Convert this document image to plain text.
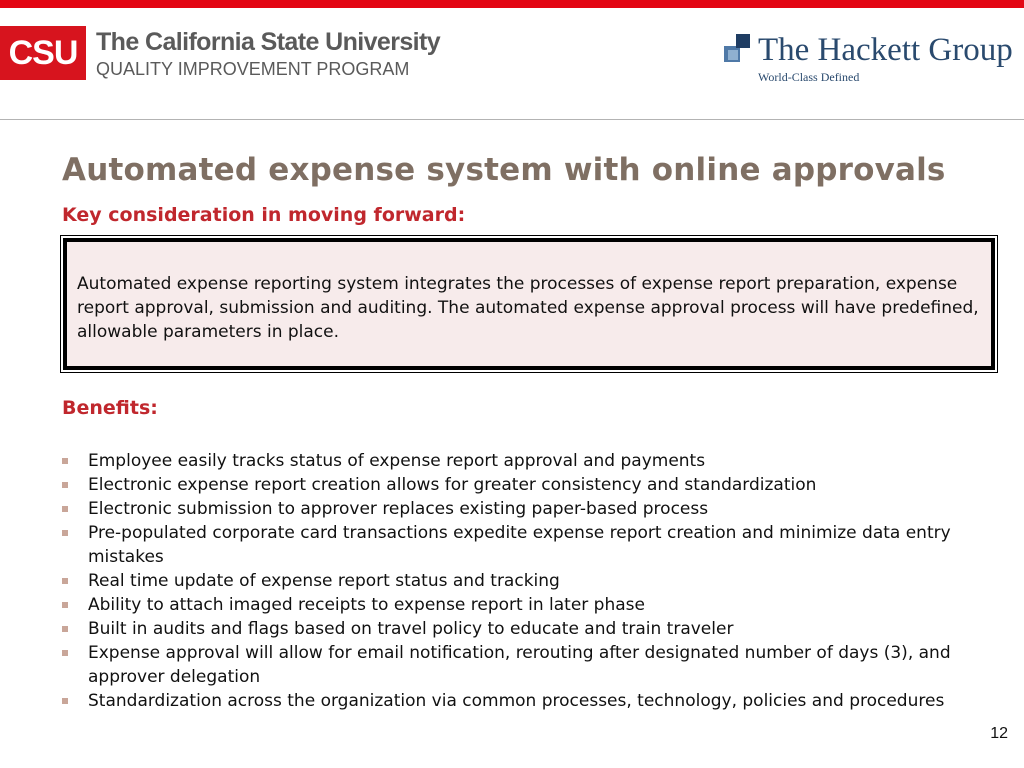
CSU The California State University
QUALITY IMPROVEMENT PROGRAM
The Hackett Group
World-Class Defined
Automated expense system with online approvals
Key consideration in moving forward:
Automated expense reporting system integrates the processes of expense report preparation, expense report approval, submission and auditing. The automated expense approval process will have predefined, allowable parameters in place.
Benefits:
Employee easily tracks status of expense report approval and payments
Electronic expense report creation allows for greater consistency and standardization
Electronic submission to approver replaces existing paper-based process
Pre-populated corporate card transactions expedite expense report creation and minimize data entry mistakes
Real time update of expense report status and tracking
Ability to attach imaged receipts to expense report in later phase
Built in audits and flags based on travel policy to educate and train traveler
Expense approval will allow for email notification, rerouting after designated number of days (3), and approver delegation
Standardization across the organization via common processes, technology, policies and procedures
12
